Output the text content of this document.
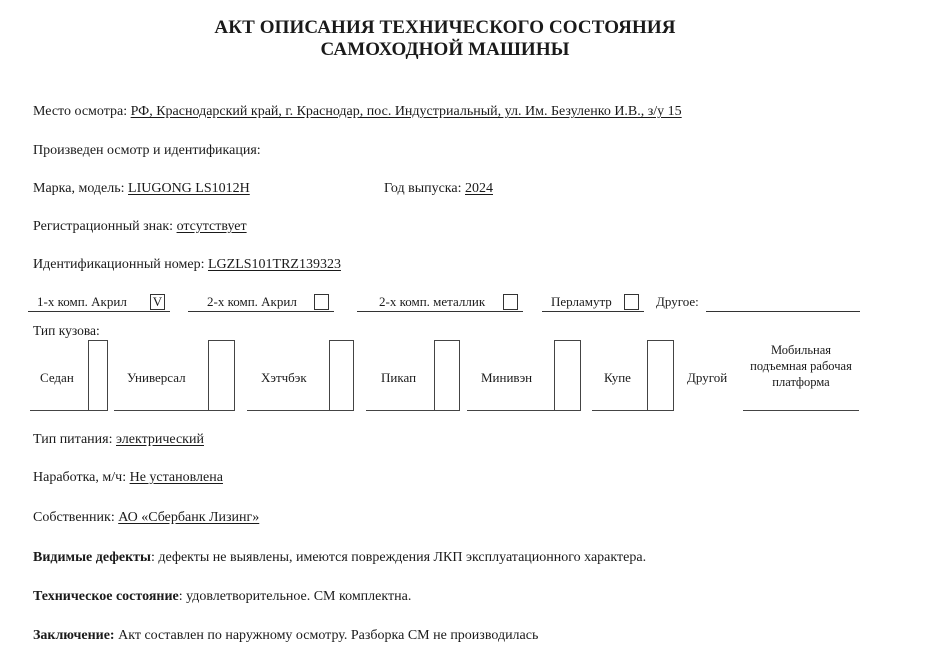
АКТ ОПИСАНИЯ ТЕХНИЧЕСКОГО СОСТОЯНИЯ
САМОХОДНОЙ МАШИНЫ
Место осмотра: РФ, Краснодарский край, г. Краснодар, пос. Индустриальный, ул. Им. Безуленко И.В., з/у 15
Произведен осмотр и идентификация:
Марка, модель: LIUGONG LS1012H	Год выпуска: 2024
Регистрационный знак: отсутствует
Идентификационный номер: LGZLS101TRZ139323
1-х комп. Акрил V	2-х комп. Акрил	2-х комп. металлик	Перламутр	Другое:
Тип кузова:
Седан	Универсал	Хэтчбэк	Пикап	Минивэн	Купе	Другой
Мобильная подъемная рабочая платформа
Тип питания: электрический
Наработка, м/ч: Не установлена
Собственник: АО «Сбербанк Лизинг»
Видимые дефекты: дефекты не выявлены, имеются повреждения ЛКП эксплуатационного характера.
Техническое состояние: удовлетворительное. СМ комплектна.
Заключение: Акт составлен по наружному осмотру. Разборка СМ не производилась
